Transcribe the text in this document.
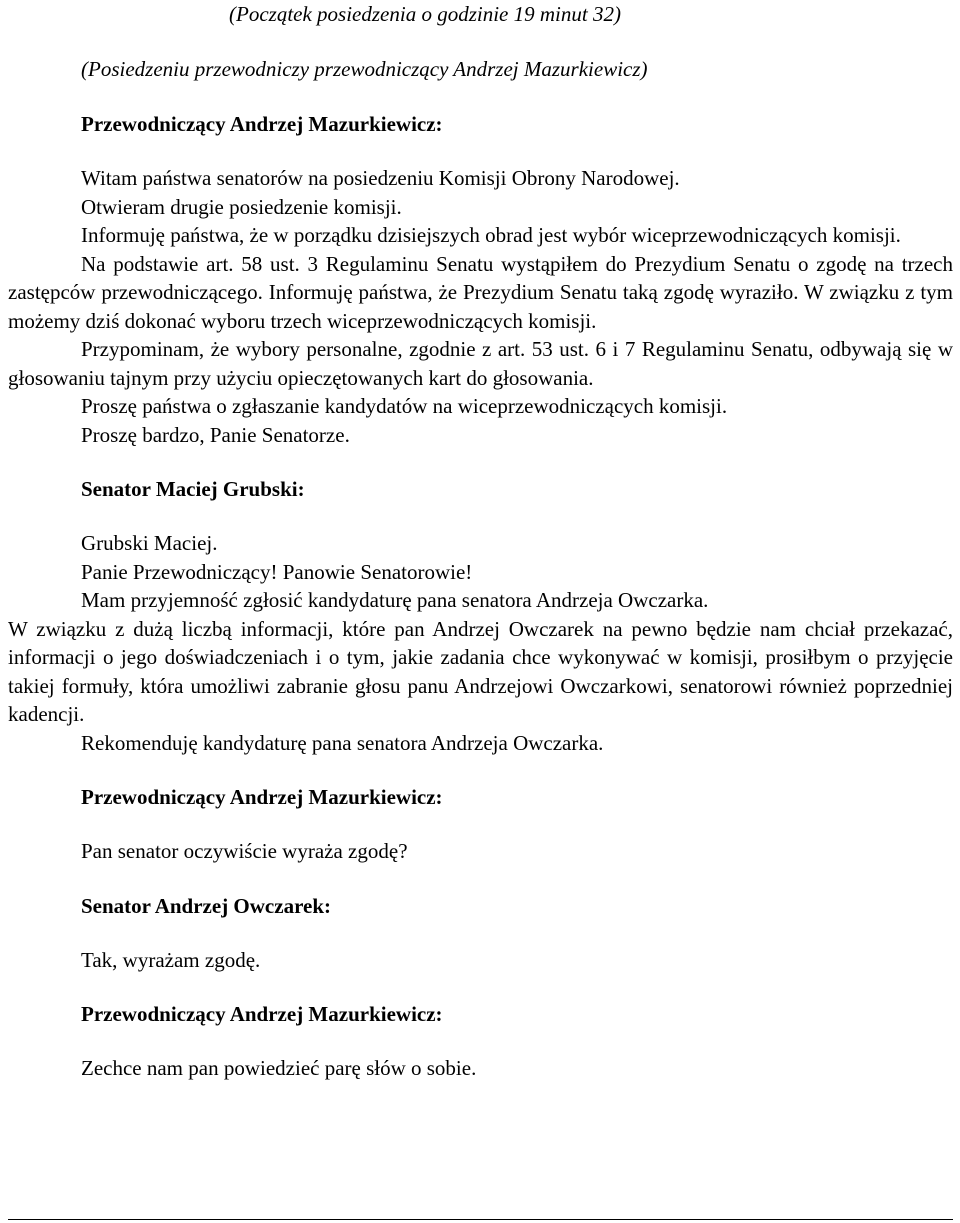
(Początek posiedzenia o godzinie 19 minut 32)

(Posiedzeniu przewodniczy przewodniczący Andrzej Mazurkiewicz)

Przewodniczący Andrzej Mazurkiewicz:

Witam państwa senatorów na posiedzeniu Komisji Obrony Narodowej.

Otwieram drugie posiedzenie komisji.

Informuję państwa, że w porządku dzisiejszych obrad jest wybór wiceprzewodniczących komisji.

Na podstawie art. 58 ust. 3 Regulaminu Senatu wystąpiłem do Prezydium Senatu o zgodę na trzech zastępców przewodniczącego. Informuję państwa, że Prezydium Senatu taką zgodę wyraziło. W związku z tym możemy dziś dokonać wyboru trzech wiceprzewodniczących komisji.

Przypominam, że wybory personalne, zgodnie z art. 53 ust. 6 i 7 Regulaminu Senatu, odbywają się w głosowaniu tajnym przy użyciu opieczętowanych kart do głosowania.

Proszę państwa o zgłaszanie kandydatów na wiceprzewodniczących komisji.

Proszę bardzo, Panie Senatorze.

Senator Maciej Grubski:

Grubski Maciej.

Panie Przewodniczący! Panowie Senatorowie!

Mam przyjemność zgłosić kandydaturę pana senatora Andrzeja Owczarka.

W związku z dużą liczbą informacji, które pan Andrzej Owczarek na pewno będzie nam chciał przekazać, informacji o jego doświadczeniach i o tym, jakie zadania chce wykonywać w komisji, prosiłbym o przyjęcie takiej formuły, która umożliwi zabranie głosu panu Andrzejowi Owczarkowi, senatorowi również poprzedniej kadencji.

Rekomenduję kandydaturę pana senatora Andrzeja Owczarka.

Przewodniczący Andrzej Mazurkiewicz:

Pan senator oczywiście wyraża zgodę?

Senator Andrzej Owczarek:

Tak, wyrażam zgodę.

Przewodniczący Andrzej Mazurkiewicz:

Zechce nam pan powiedzieć parę słów o sobie.
